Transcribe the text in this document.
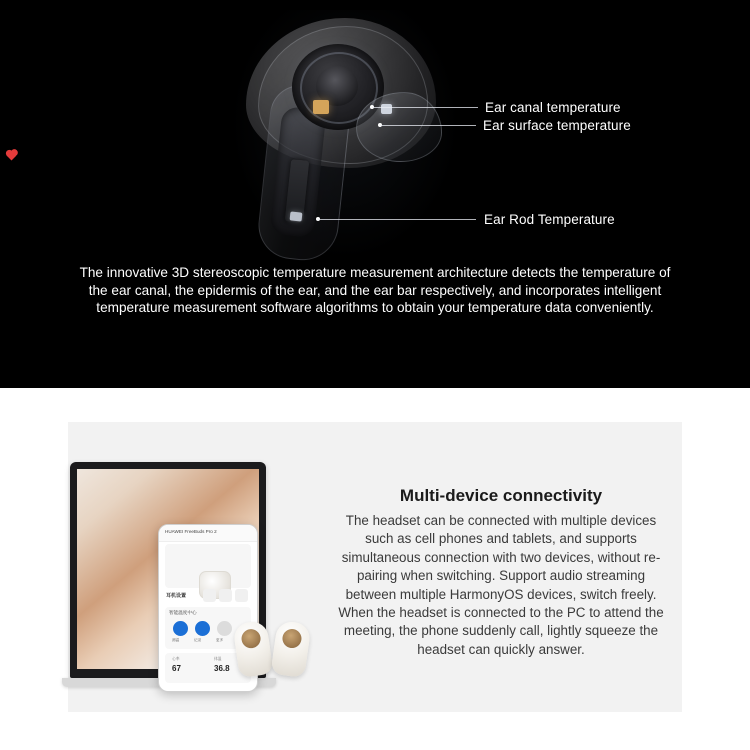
Ear canal temperature
Ear surface temperature
Ear Rod Temperature
The innovative 3D stereoscopic temperature measurement architecture detects the temperature of the ear canal, the epidermis of the ear, and the ear bar respectively, and incorporates intelligent temperature measurement software algorithms to obtain your temperature data conveniently.
HUAWEI FreeBuds Pro 2
耳机设置
智能温度中心
测温	记录	更多
心率
67
体温
36.8
Multi-device connectivity
The headset can be connected with multiple devices such as cell phones and tablets, and supports simultaneous connection with two devices, without re-pairing when switching. Support audio streaming between multiple HarmonyOS devices, switch freely. When the headset is connected to the PC to attend the meeting, the phone suddenly call, lightly squeeze the headset can quickly answer.
